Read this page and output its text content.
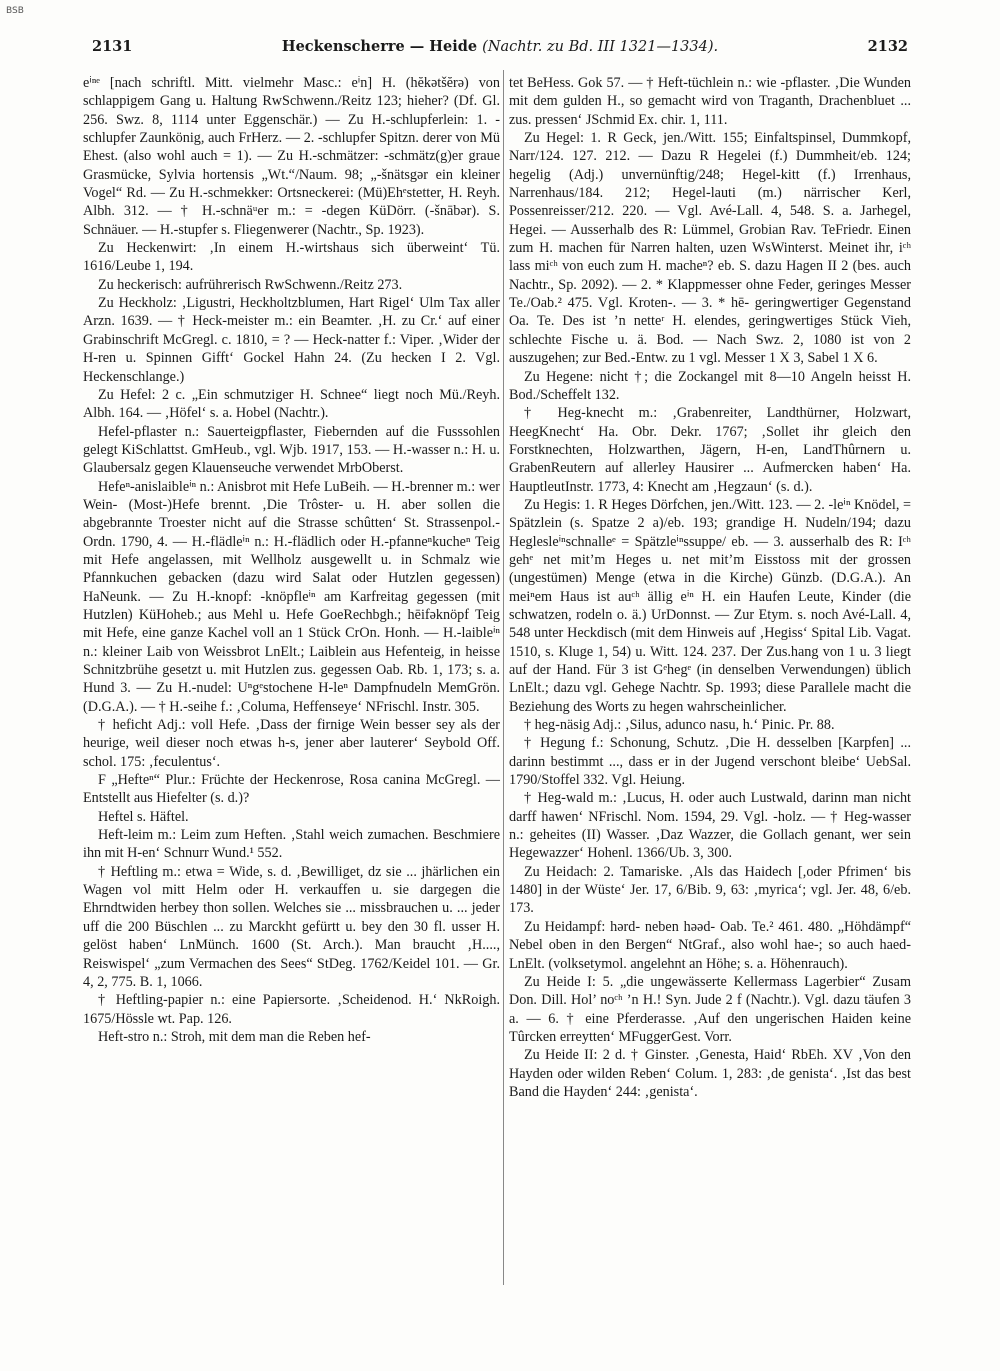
BSB
2131	Heckenscherre — Heide (Nachtr. zu Bd. III 1321—1334).	2132

eⁱⁿᵉ [nach schriftl. Mitt. vielmehr Masc.: eⁱn] H. (hĕkətšĕrə) von schlappigem Gang u. Haltung RwSchwenn./Reitz 123; hieher? (Df. Gl. 256. Swz. 8, 1114 unter Eggenschär.) — Zu H.-schlupferlein: 1. -schlupfer Zaunkönig, auch FrHerz. — 2. -schlupfer Spitzn. derer von Mü Ehest. (also wohl auch = 1). — Zu H.-schmätzer: -schmätz(g)er graue Grasmücke, Sylvia hortensis „Wt.“/Naum. 98; „-šnätsgər ein kleiner Vogel“ Rd. — Zu H.-schmekker: Ortsneckerei: (Mü)Ehᵉstetter, H. Reyh. Albh. 312. — † H.-schnäᵘer m.: = -degen KüDörr. (-šnābər). S. Schnäuer. — H.-stupfer s. Fliegenwerer (Nachtr., Sp. 1923).

Zu Heckenwirt: ‚In einem H.-wirtshaus sich überweint‘ Tü. 1616/Leube 1, 194.

Zu heckerisch: aufrührerisch RwSchwenn./Reitz 273.

Zu Heckholz: ‚Ligustri, Heckholtzblumen, Hart Rigel‘ Ulm Tax aller Arzn. 1639. — † Heck-meister m.: ein Beamter. ‚H. zu Cr.‘ auf einer Grabinschrift McGregl. c. 1810, = ? — Heck-natter f.: Viper. ‚Wider der H-ren u. Spinnen Gifft‘ Gockel Hahn 24. (Zu hecken I 2. Vgl. Heckenschlange.)

Zu Hefel: 2 c. „Ein schmutziger H. Schnee“ liegt noch Mü./Reyh. Albh. 164. — ‚Höfel‘ s. a. Hobel (Nachtr.).

Hefel-pflaster n.: Sauerteigpflaster, Fiebernden auf die Fusssohlen gelegt KiSchlattst. GmHeub., vgl. Wjb. 1917, 153. — H.-wasser n.: H. u. Glaubersalz gegen Klauenseuche verwendet MrbOberst.

Hefeⁿ-anislaibleⁱⁿ n.: Anisbrot mit Hefe LuBeih. — H.-brenner m.: wer Wein- (Most-)Hefe brennt. ‚Die Trôster- u. H. aber sollen die abgebrannte Troester nicht auf die Strasse schûtten‘ St. Strassenpol.-Ordn. 1790, 4. — H.-flädleⁱⁿ n.: H.-flädlich oder H.-pfanneⁿkucheⁿ Teig mit Hefe angelassen, mit Wellholz ausgewellt u. in Schmalz wie Pfannkuchen gebacken (dazu wird Salat oder Hutzlen gegessen) HaNeunk. — Zu H.-knopf: -knöpfleⁱⁿ am Karfreitag gegessen (mit Hutzlen) KüHoheb.; aus Mehl u. Hefe GoeRechbgh.; hēifəknöpf Teig mit Hefe, eine ganze Kachel voll an 1 Stück CrOn. Honh. — H.-laibleⁱⁿ n.: kleiner Laib von Weissbrot LnElt.; Laiblein aus Hefenteig, in heisse Schnitzbrühe gesetzt u. mit Hutzlen zus. gegessen Oab. Rb. 1, 173; s. a. Hund 3. — Zu H.-nudel: Uⁿgᵉstochene H-leⁿ Dampfnudeln MemGrön. (D.G.A.). — † H.-seihe f.: ‚Columa, Heffenseye‘ NFrischl. Instr. 305.

† heficht Adj.: voll Hefe. ‚Dass der firnige Wein besser sey als der heurige, weil dieser noch etwas h-s, jener aber lauterer‘ Seybold Off. schol. 175: ‚feculentus‘.

F „Hefteⁿ“ Plur.: Früchte der Heckenrose, Rosa canina McGregl. — Entstellt aus Hiefelter (s. d.)?

Heftel s. Häftel.

Heft-leim m.: Leim zum Heften. ‚Stahl weich zumachen. Beschmiere ihn mit H-en‘ Schnurr Wund.¹ 552.

† Heftling m.: etwa = Wide, s. d. ‚Bewilliget, dz sie ... jhärlichen ein Wagen vol mitt Helm oder H. verkauffen u. sie dargegen die Ehrndtwiden herbey thon sollen. Welches sie ... missbrauchen u. ... jeder uff die 200 Büschlen ... zu Marckht gefürtt u. bey den 30 fl. usser H. gelöst haben‘ LnMünch. 1600 (St. Arch.). Man braucht ‚H...., Reiswispel‘ „zum Vermachen des Sees“ StDeg. 1762/Keidel 101. — Gr. 4, 2, 775. B. 1, 1066.

† Heftling-papier n.: eine Papiersorte. ‚Scheidenod. H.‘ NkRoigh. 1675/Hössle wt. Pap. 126.

Heft-stro n.: Stroh, mit dem man die Reben hef-

tet BeHess. Gok 57. — † Heft-tüchlein n.: wie -pflaster. ‚Die Wunden mit dem gulden H., so gemacht wird von Traganth, Drachenbluet ... zus. pressen‘ JSchmid Ex. chir. 1, 111.

Zu Hegel: 1. R Geck, jen./Witt. 155; Einfaltspinsel, Dummkopf, Narr/124. 127. 212. — Dazu R Hegelei (f.) Dummheit/eb. 124; hegelig (Adj.) unvernünftig/248; Hegel-kitt (f.) Irrenhaus, Narrenhaus/184. 212; Hegel-lauti (m.) närrischer Kerl, Possenreisser/212. 220. — Vgl. Avé-Lall. 4, 548. S. a. Jarhegel, Hegei. — Ausserhalb des R: Lümmel, Grobian Rav. TeFriedr. Einen zum H. machen für Narren halten, uzen WsWinterst. Meinet ihr, iᶜʰ lass miᶜʰ von euch zum H. macheⁿ? eb. S. dazu Hagen II 2 (bes. auch Nachtr., Sp. 2092). — 2. * Klappmesser ohne Feder, geringes Messer Te./Oab.² 475. Vgl. Kroten-. — 3. * hē- geringwertiger Gegenstand Oa. Te. Des ist ’n netteʳ H. elendes, geringwertiges Stück Vieh, schlechte Fische u. ä. Bod. — Nach Swz. 2, 1080 ist von 2 auszugehen; zur Bed.-Entw. zu 1 vgl. Messer 1 X 3, Sabel 1 X 6.

Zu Hegene: nicht †; die Zockangel mit 8—10 Angeln heisst H. Bod./Scheffelt 132.

† Heg-knecht m.: ‚Grabenreiter, Landthürner, Holzwart, HeegKnecht‘ Ha. Obr. Dekr. 1767; ‚Sollet ihr gleich den Forstknechten, Holzwarthen, Jägern, H-en, LandThûrnern u. GrabenReutern auf allerley Hausirer ... Aufmercken haben‘ Ha. HauptleutInstr. 1773, 4: Knecht am ‚Hegzaun‘ (s. d.).

Zu Hegis: 1. R Heges Dörfchen, jen./Witt. 123. — 2. -leⁱⁿ Knödel, = Spätzlein (s. Spatze 2 a)/eb. 193; grandige H. Nudeln/194; dazu Heglesleⁱⁿschnalleᵉ = Spätzleⁱⁿssuppe/ eb. — 3. ausserhalb des R: Iᶜʰ gehᵉ net mit’m Heges u. net mit’m Eisstoss mit der grossen (ungestümen) Menge (etwa in die Kirche) Günzb. (D.G.A.). An meiⁿem Haus ist auᶜʰ ällig eⁱⁿ H. ein Haufen Leute, Kinder (die schwatzen, rodeln o. ä.) UrDonnst. — Zur Etym. s. noch Avé-Lall. 4, 548 unter Heckdisch (mit dem Hinweis auf ‚Hegiss‘ Spital Lib. Vagat. 1510, s. Kluge 1, 54) u. Witt. 124. 237. Der Zus.hang von 1 u. 3 liegt auf der Hand. Für 3 ist Gᵉhegᵉ (in denselben Verwendungen) üblich LnElt.; dazu vgl. Gehege Nachtr. Sp. 1993; diese Parallele macht die Beziehung des Worts zu hegen wahrscheinlicher.

† heg-näsig Adj.: ‚Silus, adunco nasu, h.‘ Pinic. Pr. 88.

† Hegung f.: Schonung, Schutz. ‚Die H. desselben [Karpfen] ... darinn bestimmt ..., dass er in der Jugend verschont bleibe‘ UebSal. 1790/Stoffel 332. Vgl. Heiung.

† Heg-wald m.: ‚Lucus, H. oder auch Lustwald, darinn man nicht darff hawen‘ NFrischl. Nom. 1594, 29. Vgl. -holz. — † Heg-wasser n.: geheites (II) Wasser. ‚Daz Wazzer, die Gollach genant, wer sein Hegewazzer‘ Hohenl. 1366/Ub. 3, 300.

Zu Heidach: 2. Tamariske. ‚Als das Haidech [,oder Pfrimen‘ bis 1480] in der Wüste‘ Jer. 17, 6/Bib. 9, 63: ‚myrica‘; vgl. Jer. 48, 6/eb. 173.

Zu Heidampf: hərd- neben həəd- Oab. Te.² 461. 480. „Höhdämpf“ Nebel oben in den Bergen“ NtGraf., also wohl hae-; so auch haed- LnElt. (volksetymol. angelehnt an Höhe; s. a. Höhenrauch).

Zu Heide I: 5. „die ungewässerte Kellermass Lagerbier“ Zusam Don. Dill. Hol’ noᶜʰ ’n H.! Syn. Jude 2 f (Nachtr.). Vgl. dazu täufen 3 a. — 6. † eine Pferderasse. ‚Auf den ungerischen Haiden keine Tûrcken erreytten‘ MFuggerGest. Vorr.

Zu Heide II: 2 d. † Ginster. ‚Genesta, Haid‘ RbEh. XV ‚Von den Hayden oder wilden Reben‘ Colum. 1, 283: ‚de genista‘. ‚Ist das best Band die Hayden‘ 244: ‚genista‘.
